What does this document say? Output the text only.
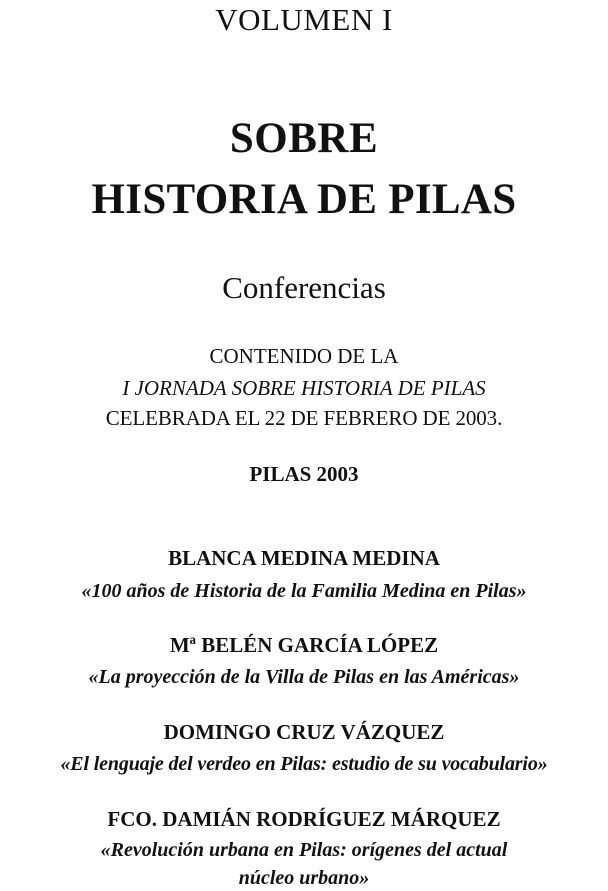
VOLUMEN I
SOBRE
HISTORIA DE PILAS
Conferencias
CONTENIDO DE LA
I JORNADA SOBRE HISTORIA DE PILAS
CELEBRADA EL 22 DE FEBRERO DE 2003.
PILAS 2003
BLANCA MEDINA MEDINA
«100 años de Historia de la Familia Medina en Pilas»
Mª BELÉN GARCÍA LÓPEZ
«La proyección de la Villa de Pilas en las Américas»
DOMINGO CRUZ VÁZQUEZ
«El lenguaje del verdeo en Pilas: estudio de su vocabulario»
FCO. DAMIÁN RODRÍGUEZ MÁRQUEZ
«Revolución urbana en Pilas: orígenes del actual
núcleo urbano»
